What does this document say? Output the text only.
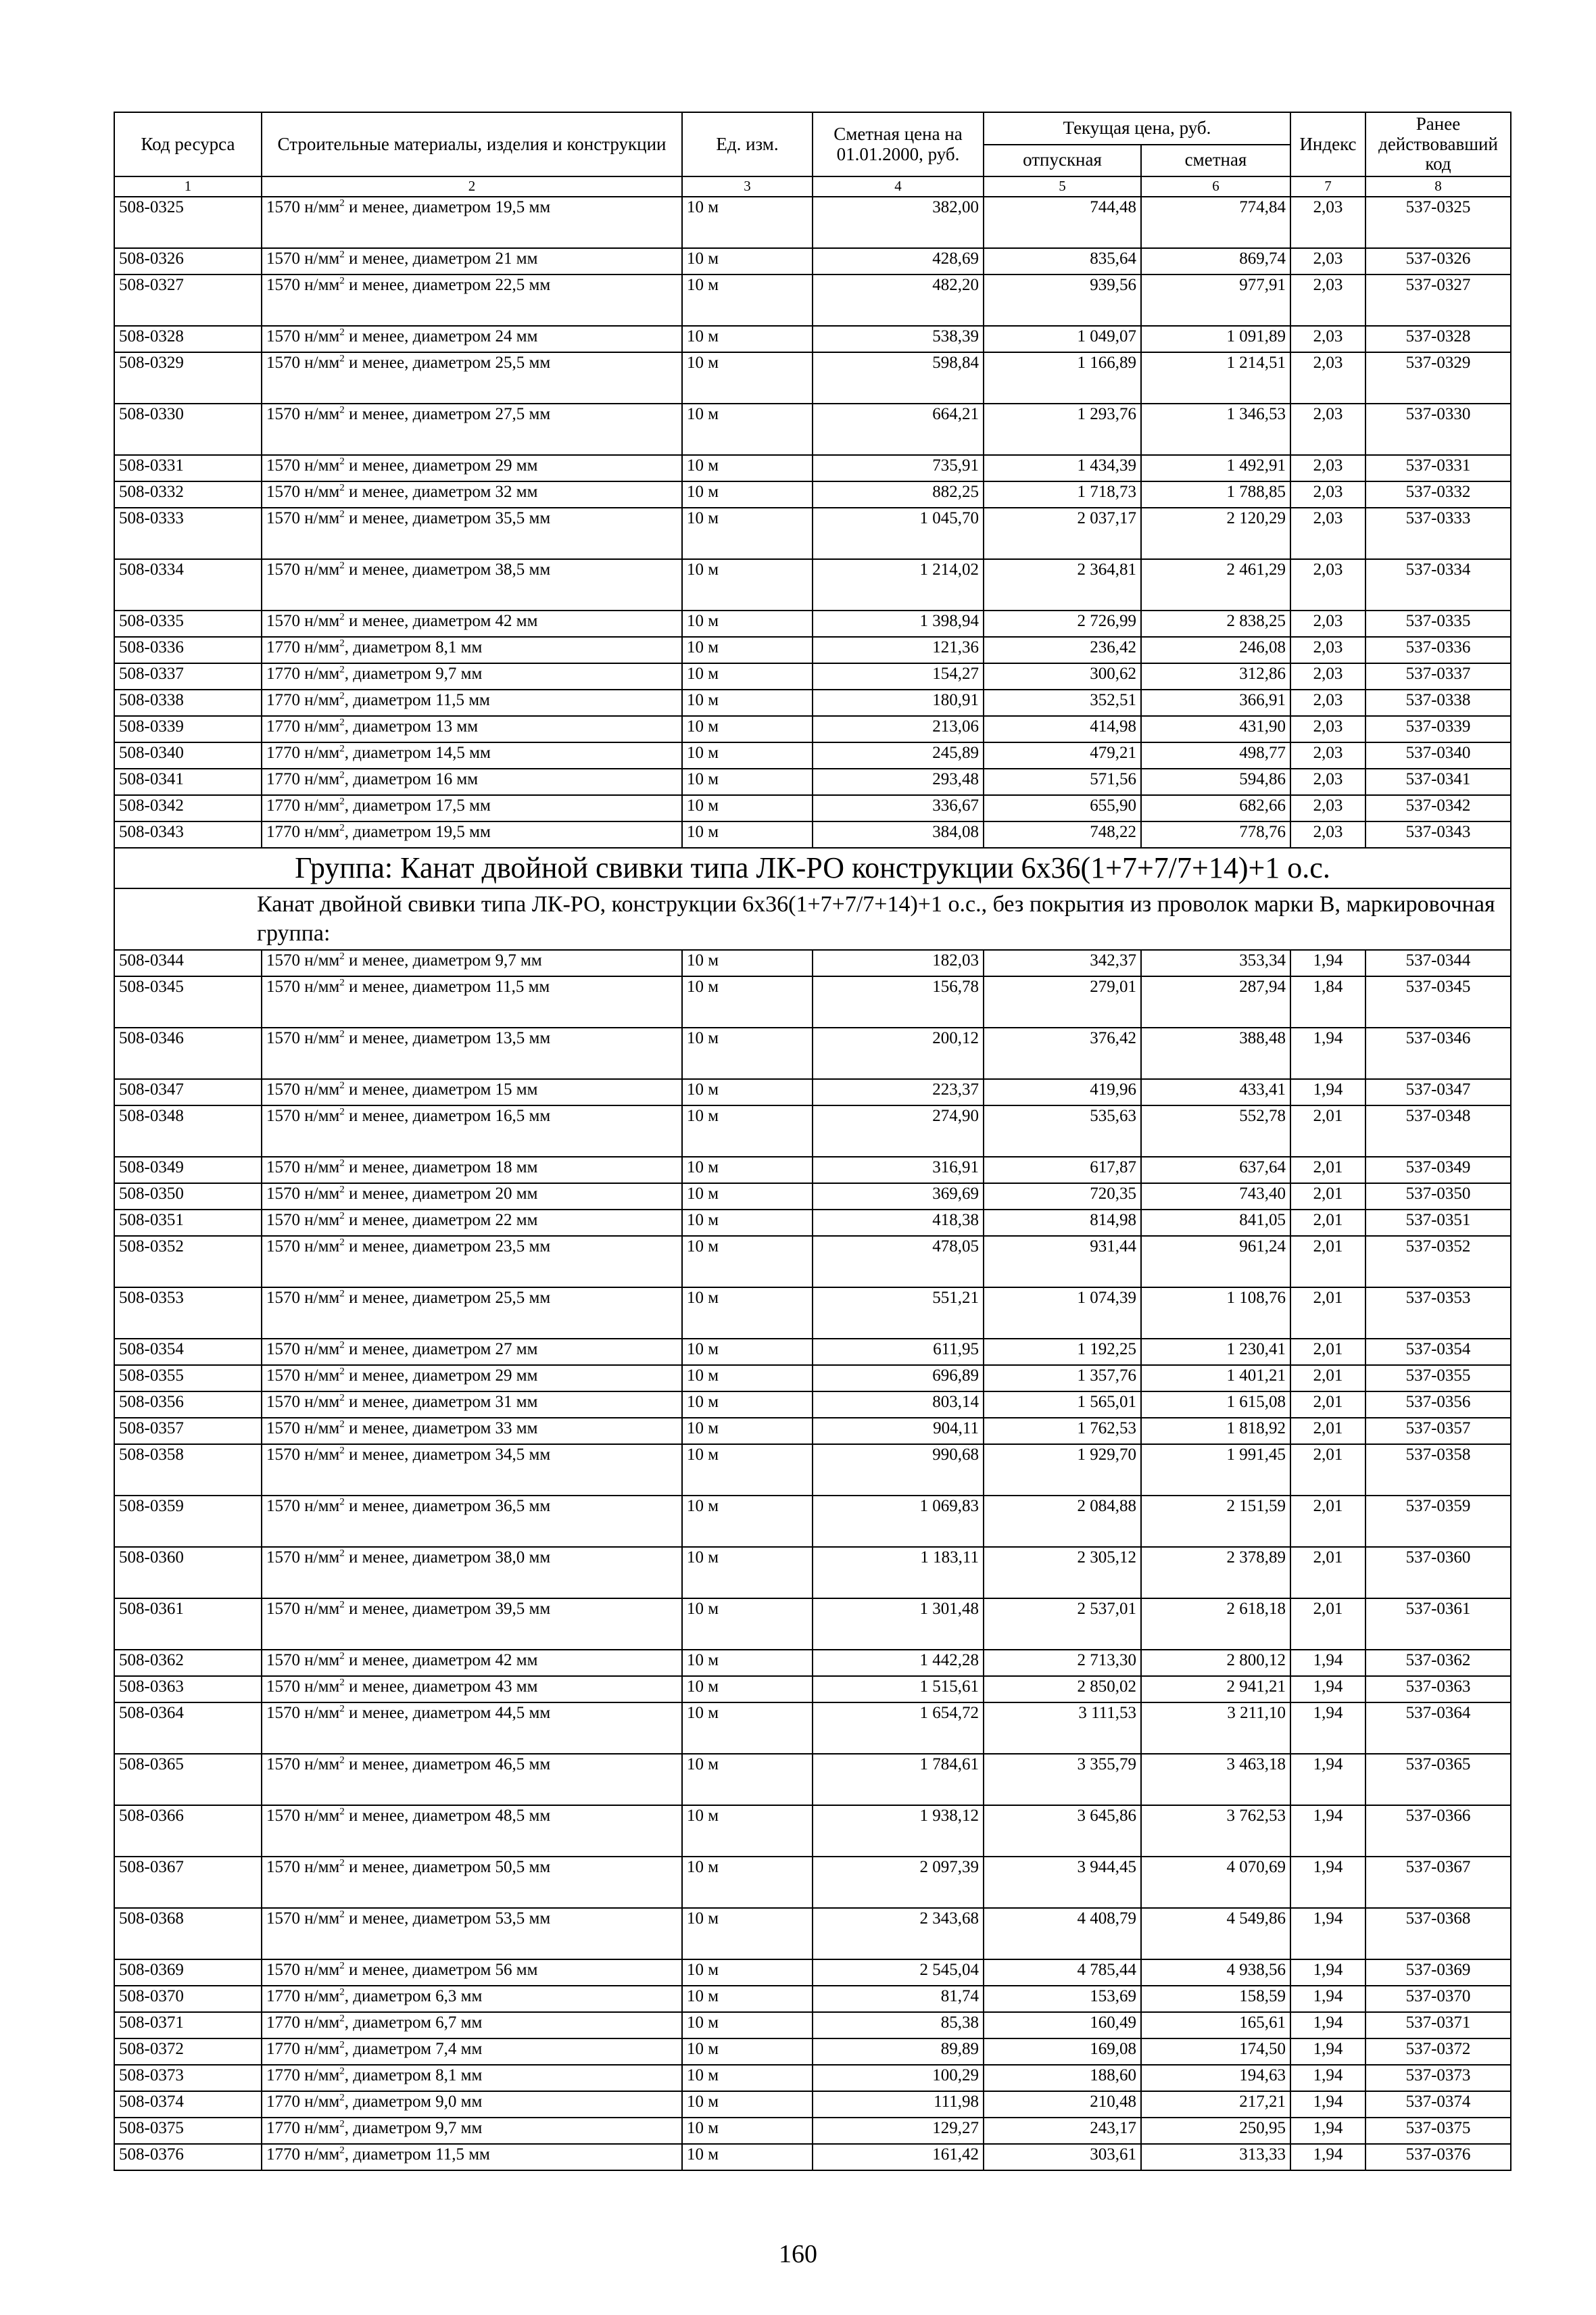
Код ресурса	Строительные материалы, изделия и конструкции	Ед. изм.	Сметная цена на 01.01.2000, руб.	Текущая цена, руб.		Индекс	Ранее действовавший код
				отпускная	сметная		
1	2	3	4	5	6	7	8
508-0325	1570 $н/мм^2$ и менее, диаметром 19,5 мм	10 м	382,00	744,48	774,84	2,03	537-0325
508-0326	1570 $н/мм^2$ и менее, диаметром 21 мм	10 м	428,69	835,64	869,74	2,03	537-0326
508-0327	1570 $н/мм^2$ и менее, диаметром 22,5 мм	10 м	482,20	939,56	977,91	2,03	537-0327
508-0328	1570 $н/мм^2$ и менее, диаметром 24 мм	10 м	538,39	1 049,07	1 091,89	2,03	537-0328
508-0329	1570 $н/мм^2$ и менее, диаметром 25,5 мм	10 м	598,84	1 166,89	1 214,51	2,03	537-0329
508-0330	1570 $н/мм^2$ и менее, диаметром 27,5 мм	10 м	664,21	1 293,76	1 346,53	2,03	537-0330
508-0331	1570 $н/мм^2$ и менее, диаметром 29 мм	10 м	735,91	1 434,39	1 492,91	2,03	537-0331
508-0332	1570 $н/мм^2$ и менее, диаметром 32 мм	10 м	882,25	1 718,73	1 788,85	2,03	537-0332
508-0333	1570 $н/мм^2$ и менее, диаметром 35,5 мм	10 м	1 045,70	2 037,17	2 120,29	2,03	537-0333
508-0334	1570 $н/мм^2$ и менее, диаметром 38,5 мм	10 м	1 214,02	2 364,81	2 461,29	2,03	537-0334
508-0335	1570 $н/мм^2$ и менее, диаметром 42 мм	10 м	1 398,94	2 726,99	2 838,25	2,03	537-0335
508-0336	1770 $н/мм^2$, диаметром 8,1 мм	10 м	121,36	236,42	246,08	2,03	537-0336
508-0337	1770 $н/мм^2$, диаметром 9,7 мм	10 м	154,27	300,62	312,86	2,03	537-0337
508-0338	1770 $н/мм^2$, диаметром 11,5 мм	10 м	180,91	352,51	366,91	2,03	537-0338
508-0339	1770 $н/мм^2$, диаметром 13 мм	10 м	213,06	414,98	431,90	2,03	537-0339
508-0340	1770 $н/мм^2$, диаметром 14,5 мм	10 м	245,89	479,21	498,77	2,03	537-0340
508-0341	1770 $н/мм^2$, диаметром 16 мм	10 м	293,48	571,56	594,86	2,03	537-0341
508-0342	1770 $н/мм^2$, диаметром 17,5 мм	10 м	336,67	655,90	682,66	2,03	537-0342
508-0343	1770 $н/мм^2$, диаметром 19,5 мм	10 м	384,08	748,22	778,76	2,03	537-0343
Группа: Канат двойной свивки типа ЛК-РО конструкции 6х36(1+7+7/7+14)+1 о.с.							
Канат двойной свивки типа ЛК-РО, конструкции 6х36(1+7+7/7+14)+1 о.с., без покрытия из проволок марки В, маркировочная группа:							
508-0344	1570 $н/мм^2$ и менее, диаметром 9,7 мм	10 м	182,03	342,37	353,34	1,94	537-0344
508-0345	1570 $н/мм^2$ и менее, диаметром 11,5 мм	10 м	156,78	279,01	287,94	1,84	537-0345
508-0346	1570 $н/мм^2$ и менее, диаметром 13,5 мм	10 м	200,12	376,42	388,48	1,94	537-0346
508-0347	1570 $н/мм^2$ и менее, диаметром 15 мм	10 м	223,37	419,96	433,41	1,94	537-0347
508-0348	1570 $н/мм^2$ и менее, диаметром 16,5 мм	10 м	274,90	535,63	552,78	2,01	537-0348
508-0349	1570 $н/мм^2$ и менее, диаметром 18 мм	10 м	316,91	617,87	637,64	2,01	537-0349
508-0350	1570 $н/мм^2$ и менее, диаметром 20 мм	10 м	369,69	720,35	743,40	2,01	537-0350
508-0351	1570 $н/мм^2$ и менее, диаметром 22 мм	10 м	418,38	814,98	841,05	2,01	537-0351
508-0352	1570 $н/мм^2$ и менее, диаметром 23,5 мм	10 м	478,05	931,44	961,24	2,01	537-0352
508-0353	1570 $н/мм^2$ и менее, диаметром 25,5 мм	10 м	551,21	1 074,39	1 108,76	2,01	537-0353
508-0354	1570 $н/мм^2$ и менее, диаметром 27 мм	10 м	611,95	1 192,25	1 230,41	2,01	537-0354
508-0355	1570 $н/мм^2$ и менее, диаметром 29 мм	10 м	696,89	1 357,76	1 401,21	2,01	537-0355
508-0356	1570 $н/мм^2$ и менее, диаметром 31 мм	10 м	803,14	1 565,01	1 615,08	2,01	537-0356
508-0357	1570 $н/мм^2$ и менее, диаметром 33 мм	10 м	904,11	1 762,53	1 818,92	2,01	537-0357
508-0358	1570 $н/мм^2$ и менее, диаметром 34,5 мм	10 м	990,68	1 929,70	1 991,45	2,01	537-0358
508-0359	1570 $н/мм^2$ и менее, диаметром 36,5 мм	10 м	1 069,83	2 084,88	2 151,59	2,01	537-0359
508-0360	1570 $н/мм^2$ и менее, диаметром 38,0 мм	10 м	1 183,11	2 305,12	2 378,89	2,01	537-0360
508-0361	1570 $н/мм^2$ и менее, диаметром 39,5 мм	10 м	1 301,48	2 537,01	2 618,18	2,01	537-0361
508-0362	1570 $н/мм^2$ и менее, диаметром 42 мм	10 м	1 442,28	2 713,30	2 800,12	1,94	537-0362
508-0363	1570 $н/мм^2$ и менее, диаметром 43 мм	10 м	1 515,61	2 850,02	2 941,21	1,94	537-0363
508-0364	1570 $н/мм^2$ и менее, диаметром 44,5 мм	10 м	1 654,72	3 111,53	3 211,10	1,94	537-0364
508-0365	1570 $н/мм^2$ и менее, диаметром 46,5 мм	10 м	1 784,61	3 355,79	3 463,18	1,94	537-0365
508-0366	1570 $н/мм^2$ и менее, диаметром 48,5 мм	10 м	1 938,12	3 645,86	3 762,53	1,94	537-0366
508-0367	1570 $н/мм^2$ и менее, диаметром 50,5 мм	10 м	2 097,39	3 944,45	4 070,69	1,94	537-0367
508-0368	1570 $н/мм^2$ и менее, диаметром 53,5 мм	10 м	2 343,68	4 408,79	4 549,86	1,94	537-0368
508-0369	1570 $н/мм^2$ и менее, диаметром 56 мм	10 м	2 545,04	4 785,44	4 938,56	1,94	537-0369
508-0370	1770 $н/мм^2$, диаметром 6,3 мм	10 м	81,74	153,69	158,59	1,94	537-0370
508-0371	1770 $н/мм^2$, диаметром 6,7 мм	10 м	85,38	160,49	165,61	1,94	537-0371
508-0372	1770 $н/мм^2$, диаметром 7,4 мм	10 м	89,89	169,08	174,50	1,94	537-0372
508-0373	1770 $н/мм^2$, диаметром 8,1 мм	10 м	100,29	188,60	194,63	1,94	537-0373
508-0374	1770 $н/мм^2$, диаметром 9,0 мм	10 м	111,98	210,48	217,21	1,94	537-0374
508-0375	1770 $н/мм^2$, диаметром 9,7 мм	10 м	129,27	243,17	250,95	1,94	537-0375
508-0376	1770 $н/мм^2$, диаметром 11,5 мм	10 м	161,42	303,61	313,33	1,94	537-0376
160
